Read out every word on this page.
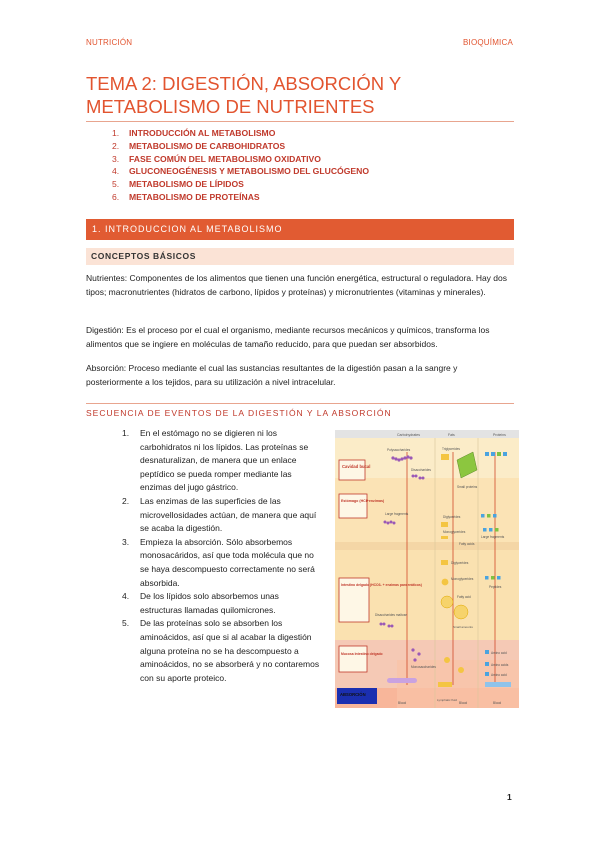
NUTRICIÓN	BIOQUÍMICA
TEMA 2: DIGESTIÓN, ABSORCIÓN Y METABOLISMO DE NUTRIENTES
1. INTRODUCCIÓN AL METABOLISMO
2. METABOLISMO DE CARBOHIDRATOS
3. FASE COMÚN DEL METABOLISMO OXIDATIVO
4. GLUCONEOGÉNESIS Y METABOLISMO DEL GLUCÓGENO
5. METABOLISMO DE LÍPIDOS
6. METABOLISMO DE PROTEÍNAS
1. INTRODUCCION AL METABOLISMO
CONCEPTOS BÁSICOS

Nutrientes: Componentes de los alimentos que tienen una función energética, estructural o reguladora. Hay dos tipos; macronutrientes (hidratos de carbono, lípidos y proteínas) y micronutrientes (vitaminas y minerales).

Digestión: Es el proceso por el cual el organismo, mediante recursos mecánicos y químicos, transforma los alimentos que se ingiere en moléculas de tamaño reducido, para que puedan ser absorbidos.

Absorción: Proceso mediante el cual las sustancias resultantes de la digestión pasan a la sangre y posteriormente a los tejidos, para su utilización a nivel intracelular.

SECUENCIA DE EVENTOS DE LA DIGESTIÓN Y LA ABSORCIÓN
1. En el estómago no se digieren ni los carbohidratos ni los lípidos. Las proteínas se desnaturalizan, de manera que un enlace peptídico se pueda romper mediante las enzimas del jugo gástrico.
2. Las enzimas de las superficies de las microvellosidades actúan, de manera que aquí se acaba la digestión.
3. Empieza la absorción. Sólo absorbemos monosacáridos, así que toda molécula que no se haya descompuesto correctamente no será absorbida.
4. De los lípidos solo absorbemos unas estructuras llamadas quilomicrones.
5. De las proteínas solo se absorben los aminoácidos, así que si al acabar la digestión alguna proteína no se ha descompuesto a aminoácidos, no se absorberá y no contaremos con su aporte proteico.
Carbohydrates	Fats	Proteins
Cavidad bucal
Estómago (HCl+enzimas)
Intestino delgado (HCO3- + enzimas pancreáticos)
Mucosa Intestino delgado
ABSORCIÓN
Polysaccharides
Disaccharides
Large fragments
Disaccharides maltose
Monosaccharides
Triglycerides
Small proteins
Diglycerides
Monoglycerides
Fatty acids
Diglycerides
Monoglycerides
Fatty acid
Small amounts
Large fragments
Peptides
Amino acid
Amino acids
Amino acid
Blood
Lymphatic fluid
Blood	Blood
1
